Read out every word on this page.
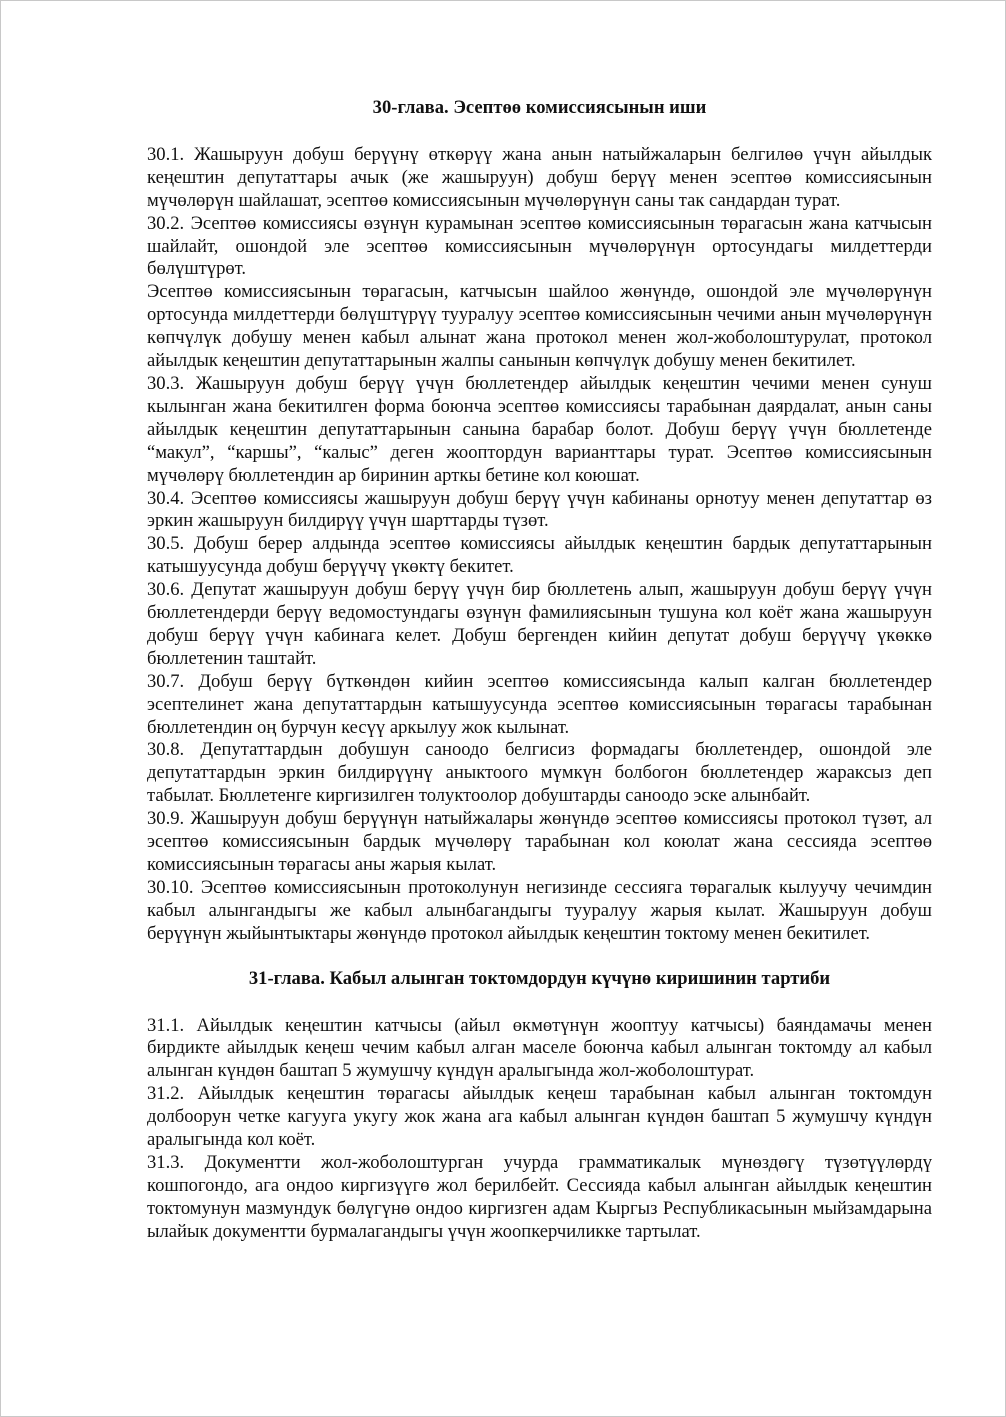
30-глава. Эсептөө комиссиясынын иши

30.1. Жашыруун добуш берүүнү өткөрүү жана анын натыйжаларын белгилөө үчүн айылдык кеңештин депутаттары ачык (же жашыруун) добуш берүү менен эсептөө комиссиясынын мүчөлөрүн шайлашат, эсептөө комиссиясынын мүчөлөрүнүн саны так сандардан турат.

30.2. Эсептөө комиссиясы өзүнүн курамынан эсептөө комиссиясынын төрагасын жана катчысын шайлайт, ошондой эле эсептөө комиссиясынын мүчөлөрүнүн ортосундагы милдеттерди бөлүштүрөт.

Эсептөө комиссиясынын төрагасын, катчысын шайлоо жөнүндө, ошондой эле мүчөлөрүнүн ортосунда милдеттерди бөлүштүрүү тууралуу эсептөө комиссиясынын чечими анын мүчөлөрүнүн көпчүлүк добушу менен кабыл алынат жана протокол менен жол-жоболоштурулат, протокол айылдык кеңештин депутаттарынын жалпы санынын көпчүлүк добушу менен бекитилет.

30.3. Жашыруун добуш берүү үчүн бюллетендер айылдык кеңештин чечими менен сунуш кылынган жана бекитилген форма боюнча эсептөө комиссиясы тарабынан даярдалат, анын саны айылдык кеңештин депутаттарынын санына барабар болот. Добуш берүү үчүн бюллетенде “макул”, “каршы”, “калыс” деген жооптордун варианттары турат. Эсептөө комиссиясынын мүчөлөрү бюллетендин ар биринин арткы бетине кол коюшат.

30.4. Эсептөө комиссиясы жашыруун добуш берүү үчүн кабинаны орнотуу менен депутаттар өз эркин жашыруун билдирүү үчүн шарттарды түзөт.

30.5. Добуш берер алдында эсептөө комиссиясы айылдык кеңештин бардык депутаттарынын катышуусунда добуш берүүчү үкөктү бекитет.

30.6. Депутат жашыруун добуш берүү үчүн бир бюллетень алып, жашыруун добуш берүү үчүн бюллетендерди берүү ведомостундагы өзүнүн фамилиясынын тушуна кол коёт жана жашыруун добуш берүү үчүн кабинага келет. Добуш бергенден кийин депутат добуш берүүчү үкөккө бюллетенин таштайт.

30.7. Добуш берүү бүткөндөн кийин эсептөө комиссиясында калып калган бюллетендер эсептелинет жана депутаттардын катышуусунда эсептөө комиссиясынын төрагасы тарабынан бюллетендин оң бурчун кесүү аркылуу жок кылынат.

30.8. Депутаттардын добушун саноодо белгисиз формадагы бюллетендер, ошондой эле депутаттардын эркин билдирүүнү аныктоого мүмкүн болбогон бюллетендер жараксыз деп табылат. Бюллетенге киргизилген толуктоолор добуштарды саноодо эске алынбайт.

30.9. Жашыруун добуш берүүнүн натыйжалары жөнүндө эсептөө комиссиясы протокол түзөт, ал эсептөө комиссиясынын бардык мүчөлөрү тарабынан кол коюлат жана сессияда эсептөө комиссиясынын төрагасы аны жарыя кылат.

30.10. Эсептөө комиссиясынын протоколунун негизинде сессияга төрагалык кылуучу чечимдин кабыл алынгандыгы же кабыл алынбагандыгы тууралуу жарыя кылат. Жашыруун добуш берүүнүн жыйынтыктары жөнүндө протокол айылдык кеңештин токтому менен бекитилет.

31-глава. Кабыл алынган токтомдордун күчүнө киришинин тартиби

31.1. Айылдык кеңештин катчысы (айыл өкмөтүнүн жооптуу катчысы) баяндамачы менен бирдикте айылдык кеңеш чечим кабыл алган маселе боюнча кабыл алынган токтомду ал кабыл алынган күндөн баштап 5 жумушчу күндүн аралыгында жол-жоболоштурат.

31.2. Айылдык кеңештин төрагасы айылдык кеңеш тарабынан кабыл алынган токтомдун долбоорун четке кагууга укугу жок жана ага кабыл алынган күндөн баштап 5 жумушчу күндүн аралыгында кол коёт.

31.3. Документти жол-жоболоштурган учурда грамматикалык мүнөздөгү түзөтүүлөрдү кошпогондо, ага ондоо киргизүүгө жол берилбейт. Сессияда кабыл алынган айылдык кеңештин токтомунун мазмундук бөлүгүнө ондоо киргизген адам Кыргыз Республикасынын мыйзамдарына ылайык документти бурмалагандыгы үчүн жоопкерчиликке тартылат.
